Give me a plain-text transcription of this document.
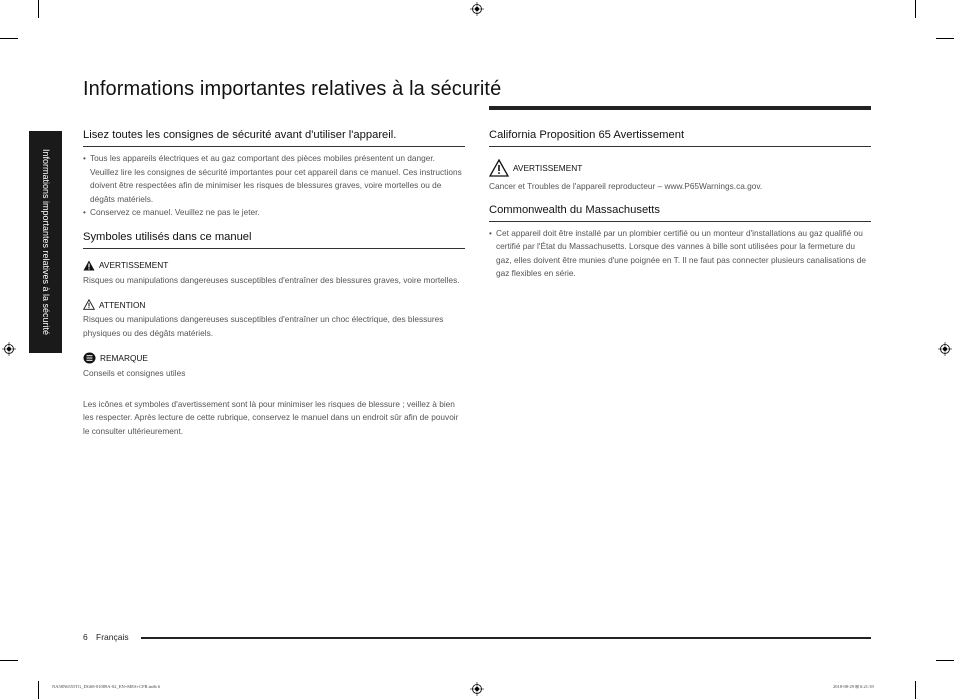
Informations importantes relatives à la sécurité
Informations importantes relatives à la sécurité
Lisez toutes les consignes de sécurité avant d'utiliser l'appareil.
• Tous les appareils électriques et au gaz comportant des pièces mobiles présentent un danger. Veuillez lire les consignes de sécurité importantes pour cet appareil dans ce manuel. Ces instructions doivent être respectées afin de minimiser les risques de blessures graves, voire mortelles ou de dégâts matériels.
• Conservez ce manuel. Veuillez ne pas le jeter.
Symboles utilisés dans ce manuel
AVERTISSEMENT

Risques ou manipulations dangereuses susceptibles d'entraîner des blessures graves, voire mortelles.

ATTENTION

Risques ou manipulations dangereuses susceptibles d'entraîner un choc électrique, des blessures physiques ou des dégâts matériels.

REMARQUE

Conseils et consignes utiles

Les icônes et symboles d'avertissement sont là pour minimiser les risques de blessure ; veillez à bien les respecter. Après lecture de cette rubrique, conservez le manuel dans un endroit sûr afin de pouvoir le consulter ultérieurement.

California Proposition 65 Avertissement
AVERTISSEMENT

Cancer et Troubles de l'appareil reproducteur – www.P65Warnings.ca.gov.

Commonwealth du Massachusetts
• Cet appareil doit être installé par un plombier certifié ou un monteur d'installations au gaz qualifié ou certifié par l'État du Massachusetts. Lorsque des vannes à bille sont utilisées pour la fermeture du gaz, elles doivent être munies d'une poignée en T. Il ne faut pas connecter plusieurs canalisations de gaz flexibles en série.
6 Français
NA58N6555TG_DG68-01089A-02_EN+MES+CFR.indb 6	2018-08-29 ⊞ 6:21:39
